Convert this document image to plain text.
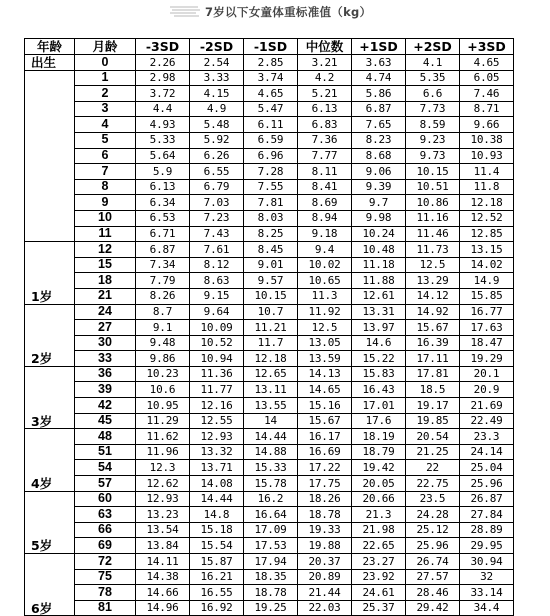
7岁以下女童体重标准值（kg）
年龄	月龄	-3SD	-2SD	-1SD	中位数	+1SD	+2SD	+3SD
出生	0	2.26	2.54	2.85	3.21	3.63	4.1	4.65
	1	2.98	3.33	3.74	4.2	4.74	5.35	6.05
	2	3.72	4.15	4.65	5.21	5.86	6.6	7.46
	3	4.4	4.9	5.47	6.13	6.87	7.73	8.71
	4	4.93	5.48	6.11	6.83	7.65	8.59	9.66
	5	5.33	5.92	6.59	7.36	8.23	9.23	10.38
	6	5.64	6.26	6.96	7.77	8.68	9.73	10.93
	7	5.9	6.55	7.28	8.11	9.06	10.15	11.4
	8	6.13	6.79	7.55	8.41	9.39	10.51	11.8
	9	6.34	7.03	7.81	8.69	9.7	10.86	12.18
	10	6.53	7.23	8.03	8.94	9.98	11.16	12.52
	11	6.71	7.43	8.25	9.18	10.24	11.46	12.85
1岁	12	6.87	7.61	8.45	9.4	10.48	11.73	13.15
	15	7.34	8.12	9.01	10.02	11.18	12.5	14.02
	18	7.79	8.63	9.57	10.65	11.88	13.29	14.9
	21	8.26	9.15	10.15	11.3	12.61	14.12	15.85
2岁	24	8.7	9.64	10.7	11.92	13.31	14.92	16.77
	27	9.1	10.09	11.21	12.5	13.97	15.67	17.63
	30	9.48	10.52	11.7	13.05	14.6	16.39	18.47
	33	9.86	10.94	12.18	13.59	15.22	17.11	19.29
3岁	36	10.23	11.36	12.65	14.13	15.83	17.81	20.1
	39	10.6	11.77	13.11	14.65	16.43	18.5	20.9
	42	10.95	12.16	13.55	15.16	17.01	19.17	21.69
	45	11.29	12.55	14	15.67	17.6	19.85	22.49
4岁	48	11.62	12.93	14.44	16.17	18.19	20.54	23.3
	51	11.96	13.32	14.88	16.69	18.79	21.25	24.14
	54	12.3	13.71	15.33	17.22	19.42	22	25.04
	57	12.62	14.08	15.78	17.75	20.05	22.75	25.96
5岁	60	12.93	14.44	16.2	18.26	20.66	23.5	26.87
	63	13.23	14.8	16.64	18.78	21.3	24.28	27.84
	66	13.54	15.18	17.09	19.33	21.98	25.12	28.89
	69	13.84	15.54	17.53	19.88	22.65	25.96	29.95
6岁	72	14.11	15.87	17.94	20.37	23.27	26.74	30.94
	75	14.38	16.21	18.35	20.89	23.92	27.57	32
	78	14.66	16.55	18.78	21.44	24.61	28.46	33.14
	81	14.96	16.92	19.25	22.03	25.37	29.42	34.4
